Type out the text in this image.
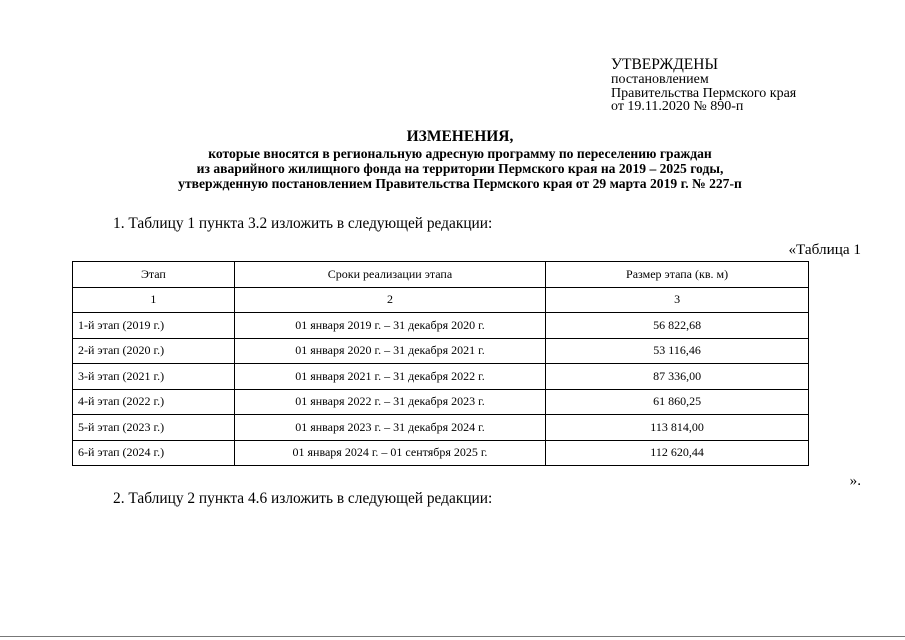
УТВЕРЖДЕНЫ
постановлением
Правительства Пермского края
от 19.11.2020 № 890-п
ИЗМЕНЕНИЯ,
которые вносятся в региональную адресную программу по переселению граждан
из аварийного жилищного фонда на территории Пермского края на 2019 – 2025 годы,
утвержденную постановлением Правительства Пермского края от 29 марта 2019 г. № 227-п
1. Таблицу 1 пункта 3.2 изложить в следующей редакции:
«Таблица 1
Этап	Сроки реализации этапа	Размер этапа (кв. м)
1	2	3
1-й этап (2019 г.)	01 января 2019 г. – 31 декабря 2020 г.	56 822,68
2-й этап (2020 г.)	01 января 2020 г. – 31 декабря 2021 г.	53 116,46
3-й этап (2021 г.)	01 января 2021 г. – 31 декабря 2022 г.	87 336,00
4-й этап (2022 г.)	01 января 2022 г. – 31 декабря 2023 г.	61 860,25
5-й этап (2023 г.)	01 января 2023 г. – 31 декабря 2024 г.	113 814,00
6-й этап (2024 г.)	01 января 2024 г. – 01 сентября 2025 г.	112 620,44
».
2. Таблицу 2 пункта 4.6 изложить в следующей редакции:
